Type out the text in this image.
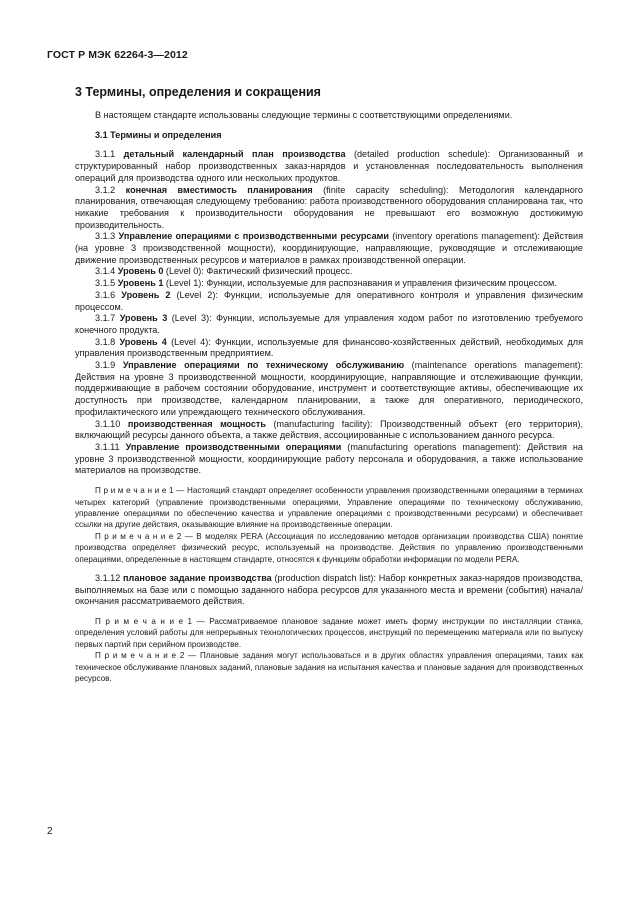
ГОСТ Р МЭК 62264-3—2012
3 Термины, определения и сокращения

В настоящем стандарте использованы следующие термины с соответствующими определениями.

3.1 Термины и определения

3.1.1 детальный календарный план производства (detailed production schedule): Организованный и структурированный набор производственных заказ-нарядов и установленная последовательность выполнения операций для производства одного или нескольких продуктов.

3.1.2 конечная вместимость планирования (finite capacity scheduling): Методология календарного планирования, отвечающая следующему требованию: работа производственного оборудования спланирована так, что никакие требования к производительности оборудования не превышают его возможную достижимую производительность.

3.1.3 Управление операциями с производственными ресурсами (inventory operations management): Действия (на уровне 3 производственной мощности), координирующие, направляющие, руководящие и отслеживающие движение производственных ресурсов и материалов в рамках производственной операции.

3.1.4 Уровень 0 (Level 0): Фактический физический процесс.

3.1.5 Уровень 1 (Level 1): Функции, используемые для распознавания и управления физическим процессом.

3.1.6 Уровень 2 (Level 2): Функции, используемые для оперативного контроля и управления физическим процессом.

3.1.7 Уровень 3 (Level 3): Функции, используемые для управления ходом работ по изготовлению требуемого конечного продукта.

3.1.8 Уровень 4 (Level 4): Функции, используемые для финансово-хозяйственных действий, необходимых для управления производственным предприятием.

3.1.9 Управление операциями по техническому обслуживанию (maintenance operations management): Действия на уровне 3 производственной мощности, координирующие, направляющие и отслеживающие функции, поддерживающие в рабочем состоянии оборудование, инструмент и соответствующие активы, обеспечивающие их доступность при производстве, календарном планировании, а также для оперативного, периодического, профилактического или упреждающего технического обслуживания.

3.1.10 производственная мощность (manufacturing facility): Производственный объект (его территория), включающий ресурсы данного объекта, а также действия, ассоциированные с использованием данного ресурса.

3.1.11 Управление производственными операциями (manufacturing operations management): Действия на уровне 3 производственной мощности, координирующие работу персонала и оборудования, а также использование материалов на производстве.

П р и м е ч а н и е 1 — Настоящий стандарт определяет особенности управления производственными операциями в терминах четырех категорий (управление производственными операциями, Управление операциями по техническому обслуживанию, управление операциями по обеспечению качества и управление операциями с производственными ресурсами) и обеспечивает ссылки на другие действия, оказывающие влияние на производственные операции.

П р и м е ч а н и е 2 — В моделях PERA (Ассоциация по исследованию методов организации производства США) понятие производства определяет физический ресурс, используемый на производстве. Действия по управлению производственными операциями, определенные в настоящем стандарте, относятся к функциям обработки информации по модели PERA.

3.1.12 плановое задание производства (production dispatch list): Набор конкретных заказ-нарядов производства, выполняемых на базе или с помощью заданного набора ресурсов для указанного места и времени (события) начала/окончания рассматриваемого действия.

П р и м е ч а н и е 1 — Рассматриваемое плановое задание может иметь форму инструкции по инсталляции станка, определения условий работы для непрерывных технологических процессов, инструкций по перемещению материала или по выпуску первых партий при серийном производстве.

П р и м е ч а н и е 2 — Плановые задания могут использоваться и в других областях управления операциями, таких как техническое обслуживание плановых заданий, плановые задания на испытания качества и плановые задания для производственных ресурсов.

2
